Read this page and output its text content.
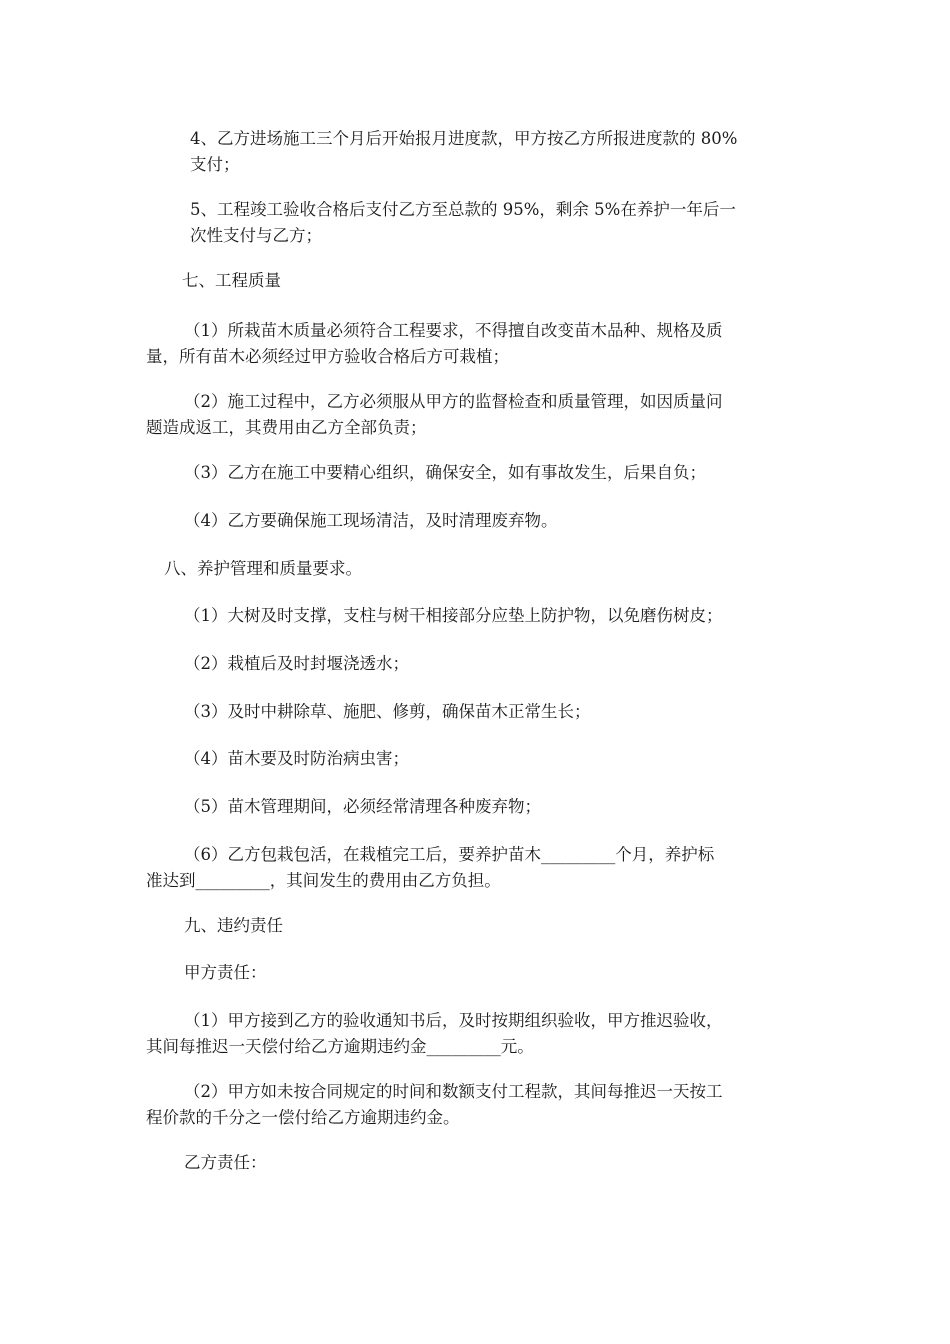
4、乙方进场施工三个月后开始报月进度款，甲方按乙方所报进度款的 80%
支付；
5、工程竣工验收合格后支付乙方至总款的 95%，剩余 5%在养护一年后一
次性支付与乙方；
七、工程质量
（1）所栽苗木质量必须符合工程要求，不得擅自改变苗木品种、规格及质
量，所有苗木必须经过甲方验收合格后方可栽植；
（2）施工过程中，乙方必须服从甲方的监督检查和质量管理，如因质量问
题造成返工，其费用由乙方全部负责；
（3）乙方在施工中要精心组织，确保安全，如有事故发生，后果自负；
（4）乙方要确保施工现场清洁，及时清理废弃物。
八、养护管理和质量要求。
（1）大树及时支撑，支柱与树干相接部分应垫上防护物，以免磨伤树皮；
（2）栽植后及时封堰浇透水；
（3）及时中耕除草、施肥、修剪，确保苗木正常生长；
（4）苗木要及时防治病虫害；
（5）苗木管理期间，必须经常清理各种废弃物；
（6）乙方包栽包活，在栽植完工后，要养护苗木_________个月，养护标
准达到_________，其间发生的费用由乙方负担。
九、违约责任
甲方责任：
（1）甲方接到乙方的验收通知书后，及时按期组织验收，甲方推迟验收，
其间每推迟一天偿付给乙方逾期违约金_________元。
（2）甲方如未按合同规定的时间和数额支付工程款，其间每推迟一天按工
程价款的千分之一偿付给乙方逾期违约金。
乙方责任：
